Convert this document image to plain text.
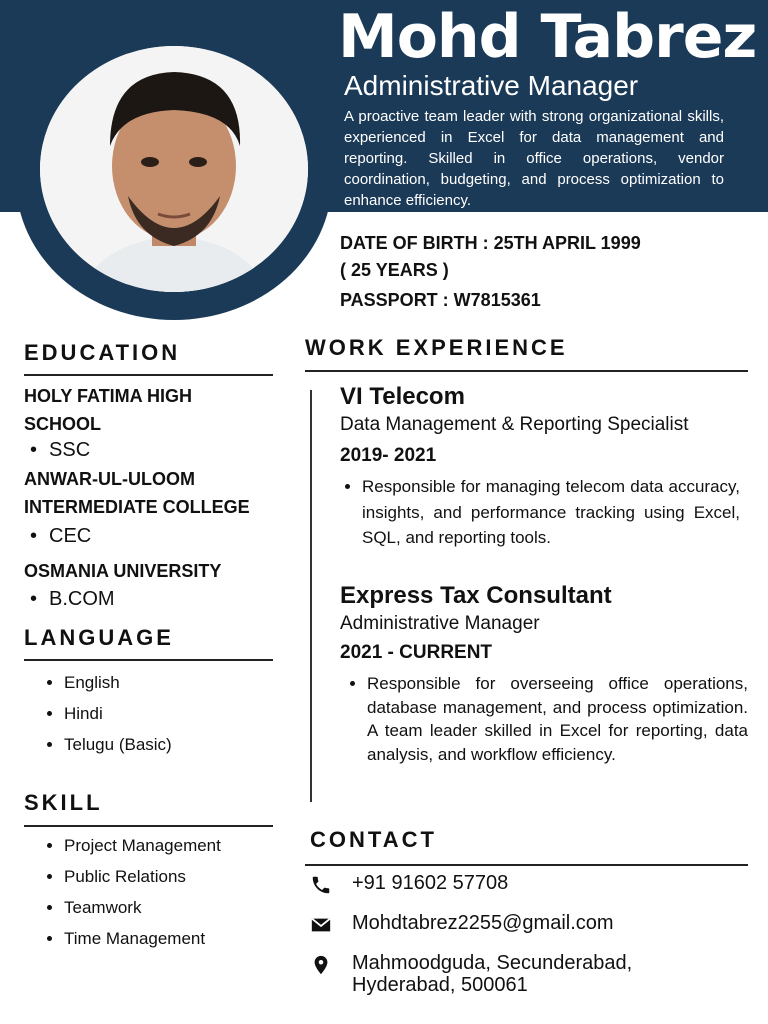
Mohd Tabrez
Administrative Manager
A proactive team leader with strong organizational skills, experienced in Excel for data management and reporting. Skilled in office operations, vendor coordination, budgeting, and process optimization to enhance efficiency.
DATE OF BIRTH : 25TH APRIL 1999
( 25 YEARS )
PASSPORT : W7815361
EDUCATION
HOLY FATIMA HIGH
SCHOOL
• SSC
ANWAR-UL-ULOOM
INTERMEDIATE COLLEGE
• CEC
OSMANIA UNIVERSITY
• B.COM
LANGUAGE
• English
• Hindi
• Telugu (Basic)
SKILL
• Project Management
• Public Relations
• Teamwork
• Time Management
WORK EXPERIENCE
VI Telecom
Data Management & Reporting Specialist
2019- 2021
• Responsible for managing telecom data accuracy, insights, and performance tracking using Excel, SQL, and reporting tools.
Express Tax Consultant
Administrative Manager
2021 - CURRENT
• Responsible for overseeing office operations, database management, and process optimization. A team leader skilled in Excel for reporting, data analysis, and workflow efficiency.
CONTACT
+91 91602 57708
Mohdtabrez2255@gmail.com
Mahmoodguda, Secunderabad,
Hyderabad, 500061
